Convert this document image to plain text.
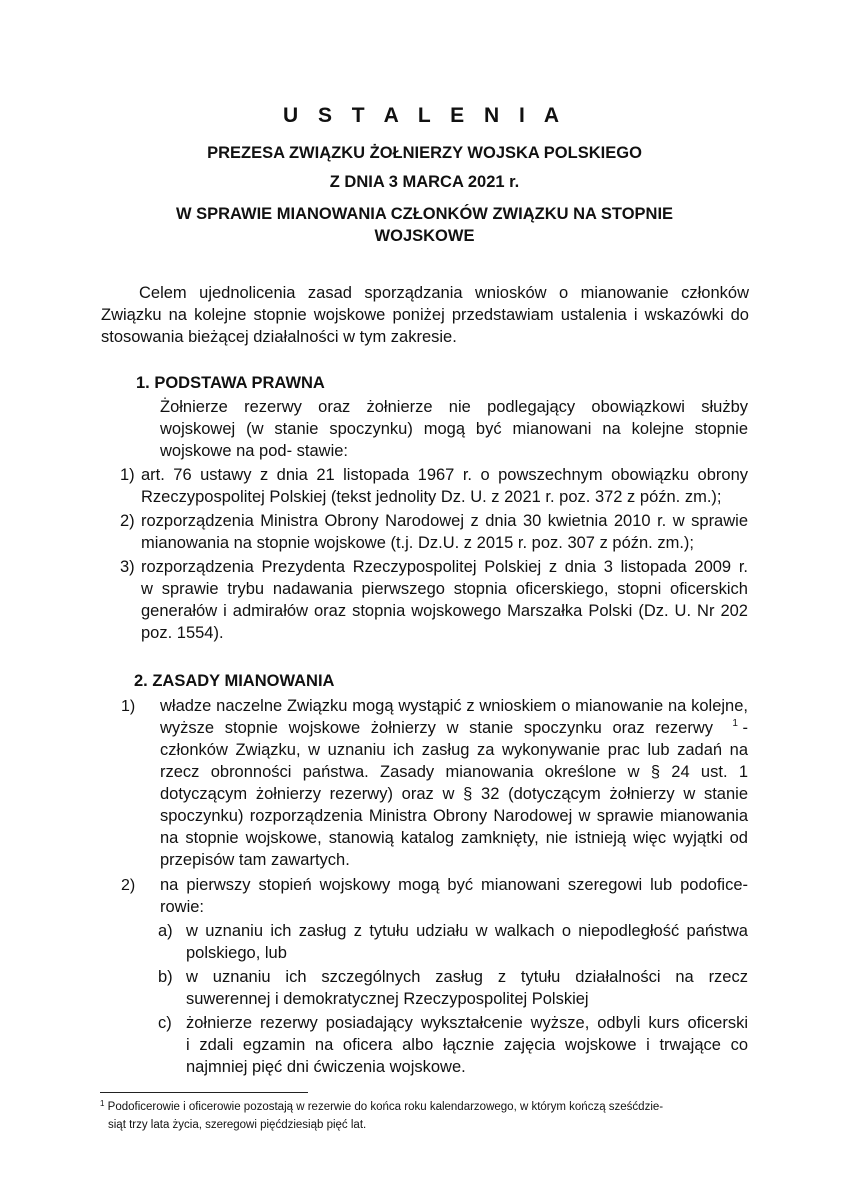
U S T A L E N I A
PREZESA ZWIĄZKU ŻOŁNIERZY WOJSKA POLSKIEGO
Z DNIA 3 MARCA 2021 r.
W SPRAWIE MIANOWANIA CZŁONKÓW ZWIĄZKU NA STOPNIE
WOJSKOWE
Celem ujednolicenia zasad sporządzania wniosków o mianowanie członków
Związku na kolejne stopnie wojskowe poniżej przedstawiam ustalenia i wskazówki do
stosowania bieżącej działalności w tym zakresie.
1. PODSTAWA PRAWNA
Żołnierze rezerwy oraz żołnierze nie podlegający obowiązkowi służby
wojskowej (w stanie spoczynku) mogą być mianowani na kolejne stopnie
wojskowe na pod- stawie:
1) art. 76 ustawy z dnia 21 listopada 1967 r. o powszechnym obowiązku obrony
Rzeczypospolitej Polskiej (tekst jednolity Dz. U. z 2021 r. poz. 372 z późn. zm.);
2) rozporządzenia Ministra Obrony Narodowej z dnia 30 kwietnia 2010 r. w sprawie
mianowania na stopnie wojskowe (t.j. Dz.U. z 2015 r. poz. 307 z późn. zm.);
3) rozporządzenia Prezydenta Rzeczypospolitej Polskiej z dnia 3 listopada 2009 r.
w sprawie trybu nadawania pierwszego stopnia oficerskiego, stopni oficerskich
generałów i admirałów oraz stopnia wojskowego Marszałka Polski (Dz. U. Nr 202
poz. 1554).
2. ZASADY MIANOWANIA
1) władze naczelne Związku mogą wystąpić z wnioskiem o mianowanie na kolejne,
wyższe stopnie wojskowe żołnierzy w stanie spoczynku oraz rezerwy $^1$ -
członków Związku, w uznaniu ich zasług za wykonywanie prac lub zadań na
rzecz obronności państwa. Zasady mianowania określone w § 24 ust. 1
dotyczącym żołnierzy rezerwy) oraz w § 32 (dotyczącym żołnierzy w stanie
spoczynku) rozporządzenia Ministra Obrony Narodowej w sprawie mianowania
na stopnie wojskowe, stanowią katalog zamknięty, nie istnieją więc wyjątki od
przepisów tam zawartych.
2) na pierwszy stopień wojskowy mogą być mianowani szeregowi lub podofice-
rowie:
a) w uznaniu ich zasług z tytułu udziału w walkach o niepodległość państwa
polskiego, lub
b) w uznaniu ich szczególnych zasług z tytułu działalności na rzecz
suwerennej i demokratycznej Rzeczypospolitej Polskiej
c) żołnierze rezerwy posiadający wykształcenie wyższe, odbyli kurs oficerski
i zdali egzamin na oficera albo łącznie zajęcia wojskowe i trwające co
najmniej pięć dni ćwiczenia wojskowe.
$^1$ Podoficerowie i oficerowie pozostają w rezerwie do końca roku kalendarzowego, w którym kończą sześćdzie-
siąt trzy lata życia, szeregowi pięćdziesiąb pięć lat.
